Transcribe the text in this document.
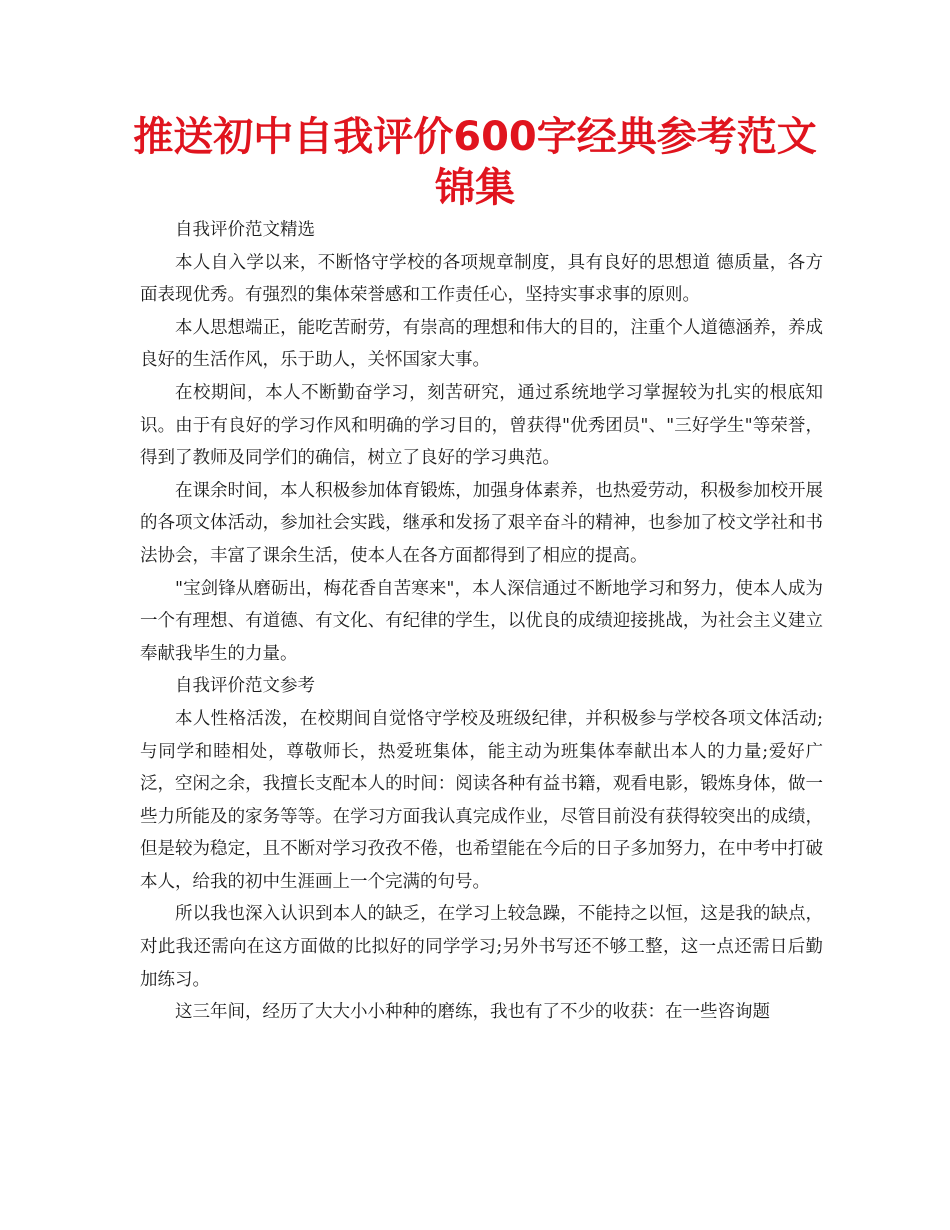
推送初中自我评价600字经典参考范文锦集

自我评价范文精选

本人自入学以来，不断恪守学校的各项规章制度，具有良好的思想道 德质量，各方面表现优秀。有强烈的集体荣誉感和工作责任心，坚持实事求事的原则。

本人思想端正，能吃苦耐劳，有崇高的理想和伟大的目的，注重个人道德涵养，养成良好的生活作风，乐于助人，关怀国家大事。

在校期间，本人不断勤奋学习，刻苦研究，通过系统地学习掌握较为扎实的根底知识。由于有良好的学习作风和明确的学习目的，曾获得"优秀团员"、"三好学生"等荣誉，得到了教师及同学们的确信，树立了良好的学习典范。

在课余时间，本人积极参加体育锻炼，加强身体素养，也热爱劳动，积极参加校开展的各项文体活动，参加社会实践，继承和发扬了艰辛奋斗的精神，也参加了校文学社和书法协会，丰富了课余生活，使本人在各方面都得到了相应的提高。

"宝剑锋从磨砺出，梅花香自苦寒来"，本人深信通过不断地学习和努力，使本人成为一个有理想、有道德、有文化、有纪律的学生，以优良的成绩迎接挑战，为社会主义建立奉献我毕生的力量。

自我评价范文参考

本人性格活泼，在校期间自觉恪守学校及班级纪律，并积极参与学校各项文体活动;与同学和睦相处，尊敬师长，热爱班集体，能主动为班集体奉献出本人的力量;爱好广泛，空闲之余，我擅长支配本人的时间：阅读各种有益书籍，观看电影，锻炼身体，做一些力所能及的家务等等。在学习方面我认真完成作业，尽管目前没有获得较突出的成绩，但是较为稳定，且不断对学习孜孜不倦，也希望能在今后的日子多加努力，在中考中打破本人，给我的初中生涯画上一个完满的句号。

所以我也深入认识到本人的缺乏，在学习上较急躁，不能持之以恒，这是我的缺点，对此我还需向在这方面做的比拟好的同学学习;另外书写还不够工整，这一点还需日后勤加练习。

这三年间，经历了大大小小种种的磨练，我也有了不少的收获：在一些咨询题
